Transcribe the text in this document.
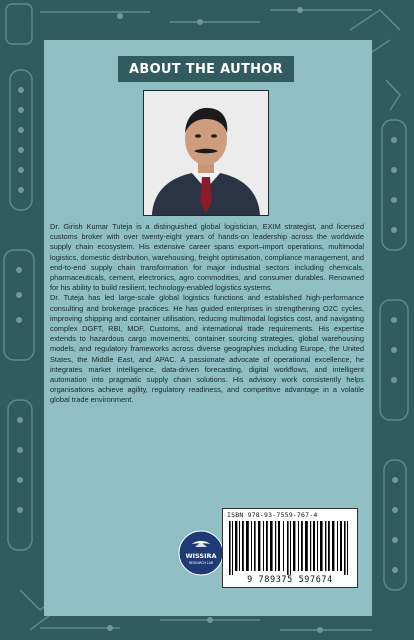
ABOUT THE AUTHOR

Dr. Girish Kumar Tuteja is a distinguished global logistician, EXIM strategist, and licensed customs broker with over twenty-eight years of hands-on leadership across the worldwide supply chain ecosystem. His extensive career spans export–import operations, multimodal logistics, domestic distribution, warehousing, freight optimisation, compliance management, and end-to-end supply chain transformation for major industrial sectors including chemicals, pharmaceuticals, cement, electronics, agro commodities, and consumer durables. Renowned for his ability to build resilient, technology-enabled logistics systems.

Dr. Tuteja has led large-scale global logistics functions and established high-performance consulting and brokerage practices. He has guided enterprises in strengthening O2C cycles, improving shipping and container utilisation, reducing multimodal logistics cost, and navigating complex DGFT, RBI, MOF, Customs, and international trade requirements. His expertise extends to hazardous cargo movements, container sourcing strategies, global warehousing models, and regulatory frameworks across diverse geographies including Europe, the United States, the Middle East, and APAC. A passionate advocate of operational excellence, he integrates market intelligence, data-driven forecasting, digital workflows, and intelligent automation into pragmatic supply chain solutions. His advisory work consistently helps organisations achieve agility, regulatory readiness, and competitive advantage in a volatile global trade environment.

WISSIRA
RESEARCH LAB
ISBN 978-93-7559-767-4
9 789375 597674
